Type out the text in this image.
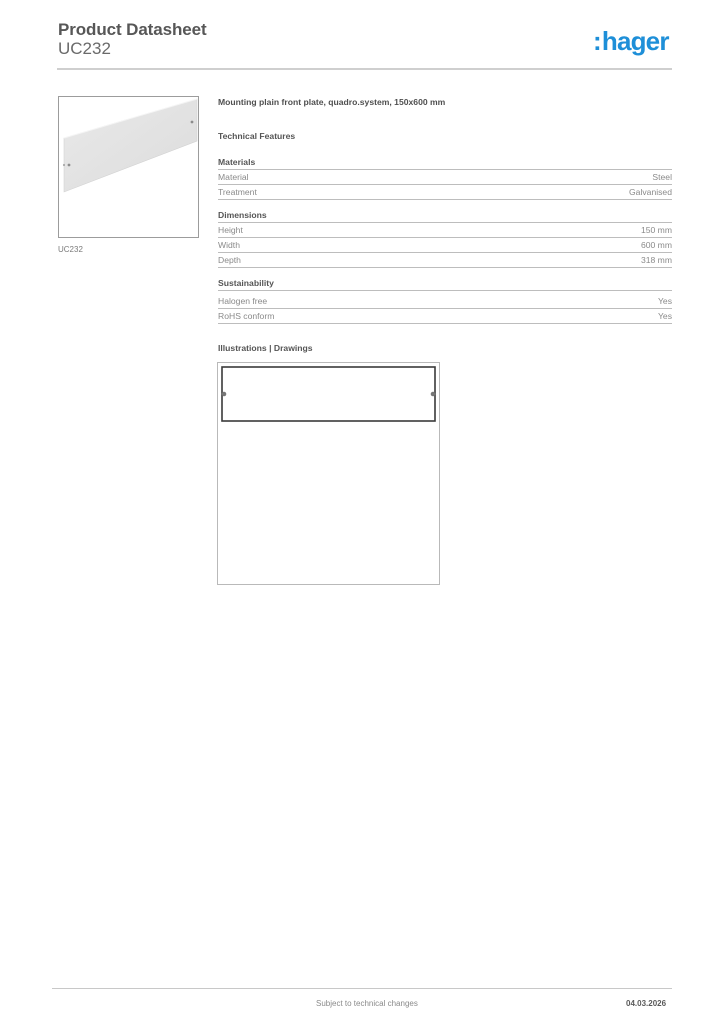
Product Datasheet
UC232	:hager
UC232
Mounting plain front plate, quadro.system, 150x600 mm
Technical Features
Materials
Material	Steel
Treatment	Galvanised
Dimensions
Height	150 mm
Width	600 mm
Depth	318 mm
Sustainability
Halogen free	Yes
RoHS conform	Yes
Illustrations | Drawings
Subject to technical changes	04.03.2026
